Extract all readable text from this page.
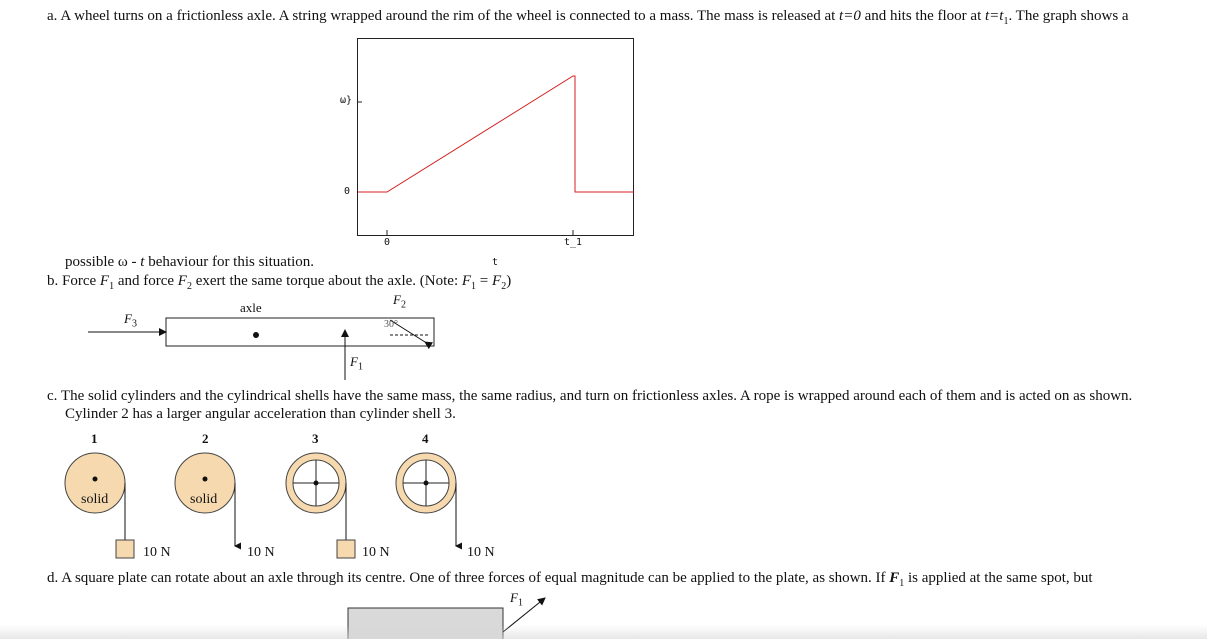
a. A wheel turns on a frictionless axle. A string wrapped around the rim of the wheel is connected to a mass. The mass is released at t=0 and hits the floor at $t=t_1$. The graph shows a
ω}
0
0	t_1
t
possible ω - t behaviour for this situation.
b. Force $F_1$ and force $F_2$ exert the same torque about the axle. (Note: $F_1 = F_2$)
axle
$F_3$
$F_2$
$F_1$
30°
c. The solid cylinders and the cylindrical shells have the same mass, the same radius, and turn on frictionless axles. A rope is wrapped around each of them and is acted on as shown.
Cylinder 2 has a larger angular acceleration than cylinder shell 3.
1	2	3	4
solid	solid
10 N	10 N	10 N	10 N
d. A square plate can rotate about an axle through its centre. One of three forces of equal magnitude can be applied to the plate, as shown. If $F_1$ is applied at the same spot, but
$F_1$
